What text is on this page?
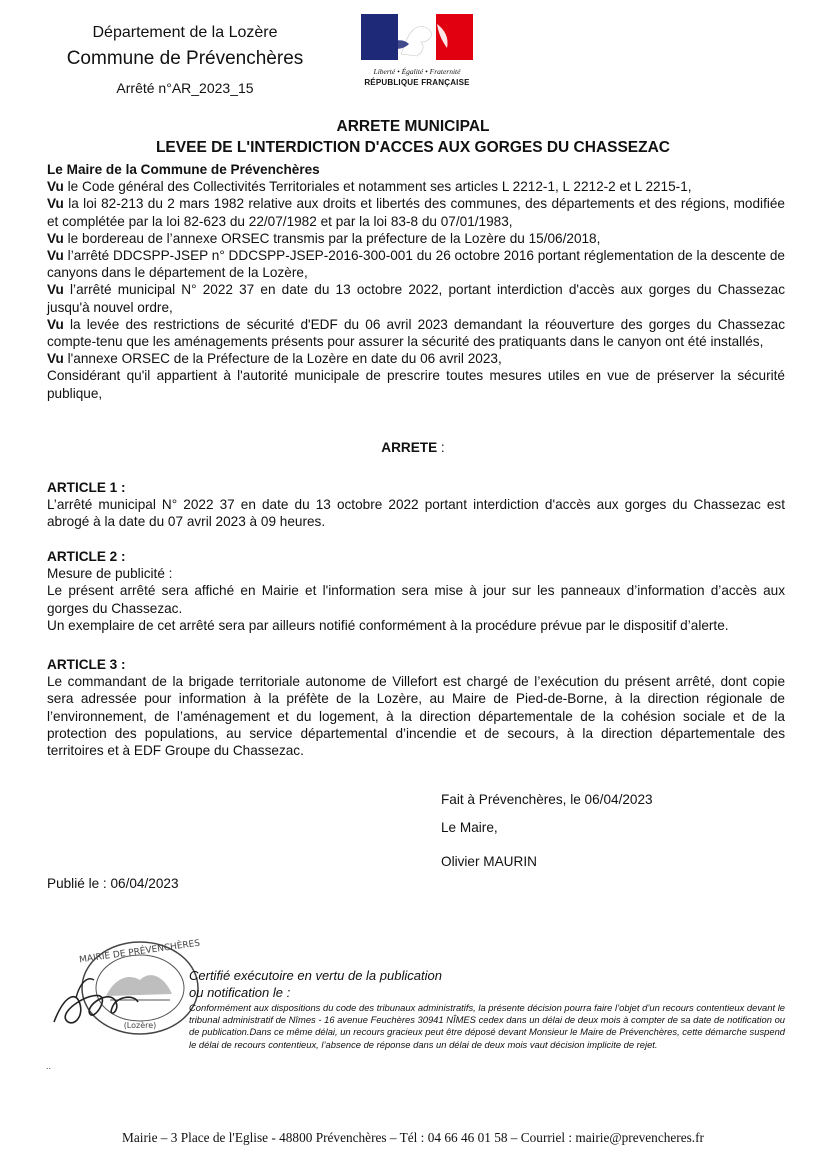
Département de la Lozère
Commune de Prévenchères
Arrêté n°AR_2023_15
Liberté • Égalité • Fraternité
RÉPUBLIQUE FRANÇAISE
ARRETE MUNICIPAL
LEVEE DE L'INTERDICTION D'ACCES AUX GORGES DU CHASSEZAC

Le Maire de la Commune de Prévenchères

Vu le Code général des Collectivités Territoriales et notamment ses articles L 2212-1, L 2212-2 et L 2215-1,

Vu la loi 82-213 du 2 mars 1982 relative aux droits et libertés des communes, des départements et des régions, modifiée et complétée par la loi 82-623 du 22/07/1982 et par la loi 83-8 du 07/01/1983,

Vu le bordereau de l’annexe ORSEC transmis par la préfecture de la Lozère du 15/06/2018,

Vu l’arrêté DDCSPP-JSEP n° DDCSPP-JSEP-2016-300-001 du 26 octobre 2016 portant réglementation de la descente de canyons dans le département de la Lozère,

Vu l’arrêté municipal N° 2022 37 en date du 13 octobre 2022, portant interdiction d'accès aux gorges du Chassezac jusqu'à nouvel ordre,

Vu la levée des restrictions de sécurité d'EDF du 06 avril 2023 demandant la réouverture des gorges du Chassezac compte-tenu que les aménagements présents pour assurer la sécurité des pratiquants dans le canyon ont été installés,

Vu l'annexe ORSEC de la Préfecture de la Lozère en date du 06 avril 2023,

Considérant qu'il appartient à l'autorité municipale de prescrire toutes mesures utiles en vue de préserver la sécurité publique,

ARRETE :

ARTICLE 1 :

L’arrêté municipal N° 2022 37 en date du 13 octobre 2022 portant interdiction d'accès aux gorges du Chassezac est abrogé à la date du 07 avril 2023 à 09 heures.

ARTICLE 2 :

Mesure de publicité :

Le présent arrêté sera affiché en Mairie et l'information sera mise à jour sur les panneaux d’information d’accès aux gorges du Chassezac.

Un exemplaire de cet arrêté sera par ailleurs notifié conformément à la procédure prévue par le dispositif d’alerte.

ARTICLE 3 :

Le commandant de la brigade territoriale autonome de Villefort est chargé de l’exécution du présent arrêté, dont copie sera adressée pour information à la préfète de la Lozère, au Maire de Pied-de-Borne, à la direction régionale de l’environnement, de l’aménagement et du logement, à la direction départementale de la cohésion sociale et de la protection des populations, au service départemental d’incendie et de secours, à la direction départementale des territoires et à EDF Groupe du Chassezac.

Fait à Prévenchères, le 06/04/2023
Le Maire,
Olivier MAURIN
Publié le : 06/04/2023
MAIRIE DE PRÉVENCHÈRES
(Lozère)
Certifié exécutoire en vertu de la publication
ou notification le :
Conformément aux dispositions du code des tribunaux administratifs, la présente décision pourra faire l’objet d’un recours contentieux devant le tribunal administratif de Nîmes - 16 avenue Feuchères 30941 NÎMES cedex dans un délai de deux mois à compter de sa date de notification ou de publication.Dans ce même délai, un recours gracieux peut être déposé devant Monsieur le Maire de Prévenchères, cette démarche suspend le délai de recours contentieux, l’absence de réponse dans un délai de deux mois vaut décision implicite de rejet.
..
Mairie – 3 Place de l'Eglise - 48800 Prévenchères – Tél : 04 66 46 01 58 – Courriel : mairie@prevencheres.fr
